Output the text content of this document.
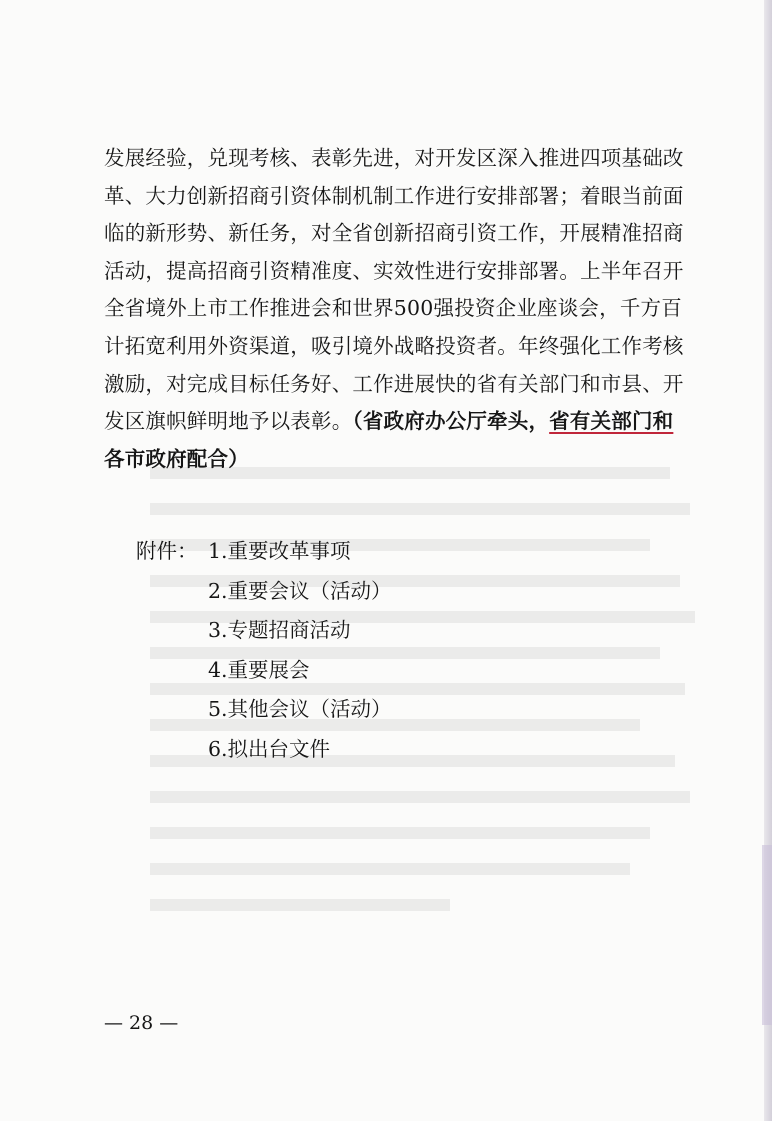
发展经验，兑现考核、表彰先进，对开发区深入推进四项基础改

革、大力创新招商引资体制机制工作进行安排部署；着眼当前面

临的新形势、新任务，对全省创新招商引资工作，开展精准招商

活动，提高招商引资精准度、实效性进行安排部署。上半年召开

全省境外上市工作推进会和世界500强投资企业座谈会，千方百

计拓宽利用外资渠道，吸引境外战略投资者。年终强化工作考核

激励，对完成目标任务好、工作进展快的省有关部门和市县、开

发区旗帜鲜明地予以表彰。（省政府办公厅牵头，省有关部门和

各市政府配合）

附件： 1.重要改革事项
2.重要会议（活动）
3.专题招商活动
4.重要展会
5.其他会议（活动）
6.拟出台文件
— 28 —
